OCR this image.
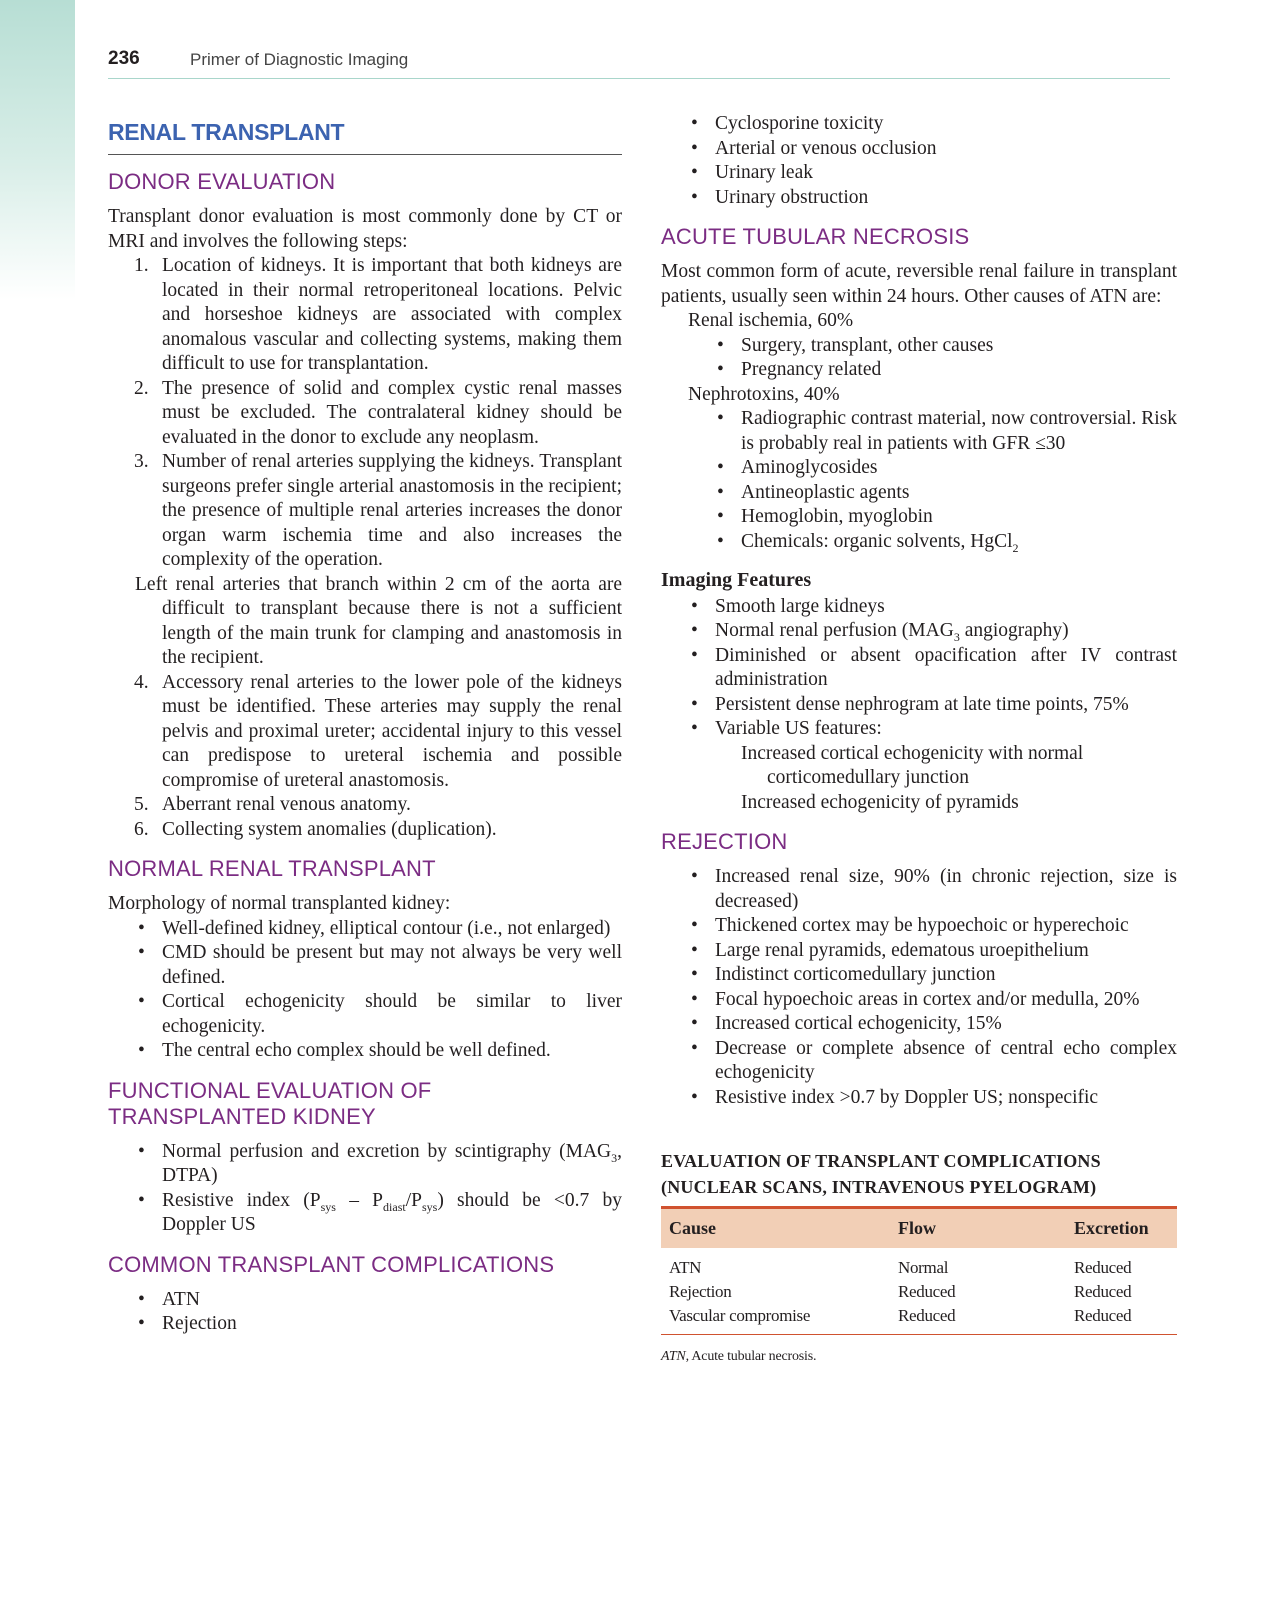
236	Primer of Diagnostic Imaging
RENAL TRANSPLANT
DONOR EVALUATION

Transplant donor evaluation is most commonly done by CT or MRI and involves the following steps:

1. Location of kidneys. It is important that both kidneys are located in their normal retroperitoneal locations. Pelvic and horseshoe kidneys are associated with complex anomalous vascular and collecting systems, making them difficult to use for transplantation.
2. The presence of solid and complex cystic renal masses must be excluded. The contralateral kidney should be evaluated in the donor to exclude any neoplasm.
3. Number of renal arteries supplying the kidneys. Transplant surgeons prefer single arterial anastomosis in the recipient; the presence of multiple renal arteries increases the donor organ warm ischemia time and also increases the complexity of the operation.

Left renal arteries that branch within 2 cm of the aorta are difficult to transplant because there is not a sufficient length of the main trunk for clamping and anastomosis in the recipient.

4. Accessory renal arteries to the lower pole of the kidneys must be identified. These arteries may supply the renal pelvis and proximal ureter; accidental injury to this vessel can predispose to ureteral ischemia and possible compromise of ureteral anastomosis.
5. Aberrant renal venous anatomy.
6. Collecting system anomalies (duplication).
NORMAL RENAL TRANSPLANT

Morphology of normal transplanted kidney:

• Well-defined kidney, elliptical contour (i.e., not enlarged)
• CMD should be present but may not always be very well defined.
• Cortical echogenicity should be similar to liver echogenicity.
• The central echo complex should be well defined.
FUNCTIONAL EVALUATION OF
TRANSPLANTED KIDNEY
• Normal perfusion and excretion by scintigraphy ($MAG_3$, DTPA)
• Resistive index $(P_{sys} - P_{diast}/P_{sys})$ should be <0.7 by Doppler US
COMMON TRANSPLANT COMPLICATIONS
• ATN
• Rejection
• Cyclosporine toxicity
• Arterial or venous occlusion
• Urinary leak
• Urinary obstruction
ACUTE TUBULAR NECROSIS

Most common form of acute, reversible renal failure in transplant patients, usually seen within 24 hours. Other causes of ATN are:

Renal ischemia, 60%
• Surgery, transplant, other causes
• Pregnancy related
Nephrotoxins, 40%
• Radiographic contrast material, now controversial. Risk is probably real in patients with GFR ≤30
• Aminoglycosides
• Antineoplastic agents
• Hemoglobin, myoglobin
• Chemicals: organic solvents, HgCl$_2$
Imaging Features
• Smooth large kidneys
• Normal renal perfusion ($MAG_3$ angiography)
• Diminished or absent opacification after IV contrast administration
• Persistent dense nephrogram at late time points, 75%
• Variable US features:
Increased cortical echogenicity with normal corticomedullary junction
Increased echogenicity of pyramids
REJECTION
• Increased renal size, 90% (in chronic rejection, size is decreased)
• Thickened cortex may be hypoechoic or hyperechoic
• Large renal pyramids, edematous uroepithelium
• Indistinct corticomedullary junction
• Focal hypoechoic areas in cortex and/or medulla, 20%
• Increased cortical echogenicity, 15%
• Decrease or complete absence of central echo complex echogenicity
• Resistive index >0.7 by Doppler US; nonspecific
EVALUATION OF TRANSPLANT COMPLICATIONS
(NUCLEAR SCANS, INTRAVENOUS PYELOGRAM)
Cause	Flow	Excretion
ATN	Normal	Reduced
Rejection	Reduced	Reduced
Vascular compromise	Reduced	Reduced
ATN, Acute tubular necrosis.
